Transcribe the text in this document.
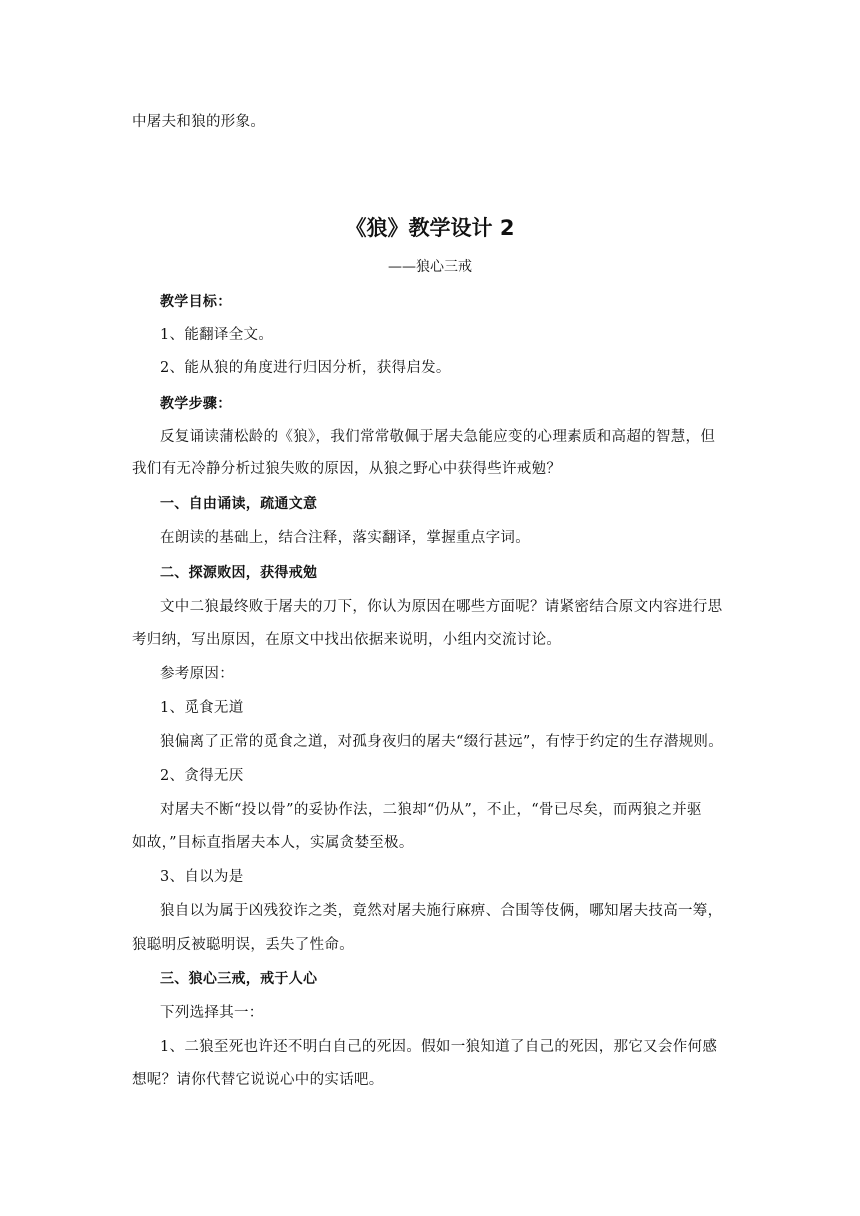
中屠夫和狼的形象。
《狼》教学设计 2
——狼心三戒
教学目标：
1、能翻译全文。
2、能从狼的角度进行归因分析，获得启发。
教学步骤：
反复诵读蒲松龄的《狼》，我们常常敬佩于屠夫急能应变的心理素质和高超的智慧，但
我们有无冷静分析过狼失败的原因，从狼之野心中获得些许戒勉？
一、自由诵读，疏通文意
在朗读的基础上，结合注释，落实翻译，掌握重点字词。
二、探源败因，获得戒勉
文中二狼最终败于屠夫的刀下，你认为原因在哪些方面呢？请紧密结合原文内容进行思
考归纳，写出原因，在原文中找出依据来说明，小组内交流讨论。
参考原因：
1、觅食无道
狼偏离了正常的觅食之道，对孤身夜归的屠夫“缀行甚远”，有悖于约定的生存潜规则。
2、贪得无厌
对屠夫不断“投以骨”的妥协作法，二狼却“仍从”，不止，“骨已尽矣，而两狼之并驱
如故，”目标直指屠夫本人，实属贪婪至极。
3、自以为是
狼自以为属于凶残狡诈之类，竟然对屠夫施行麻痹、合围等伎俩，哪知屠夫技高一筹，
狼聪明反被聪明误，丢失了性命。
三、狼心三戒，戒于人心
下列选择其一：
1、二狼至死也许还不明白自己的死因。假如一狼知道了自己的死因，那它又会作何感
想呢？请你代替它说说心中的实话吧。
